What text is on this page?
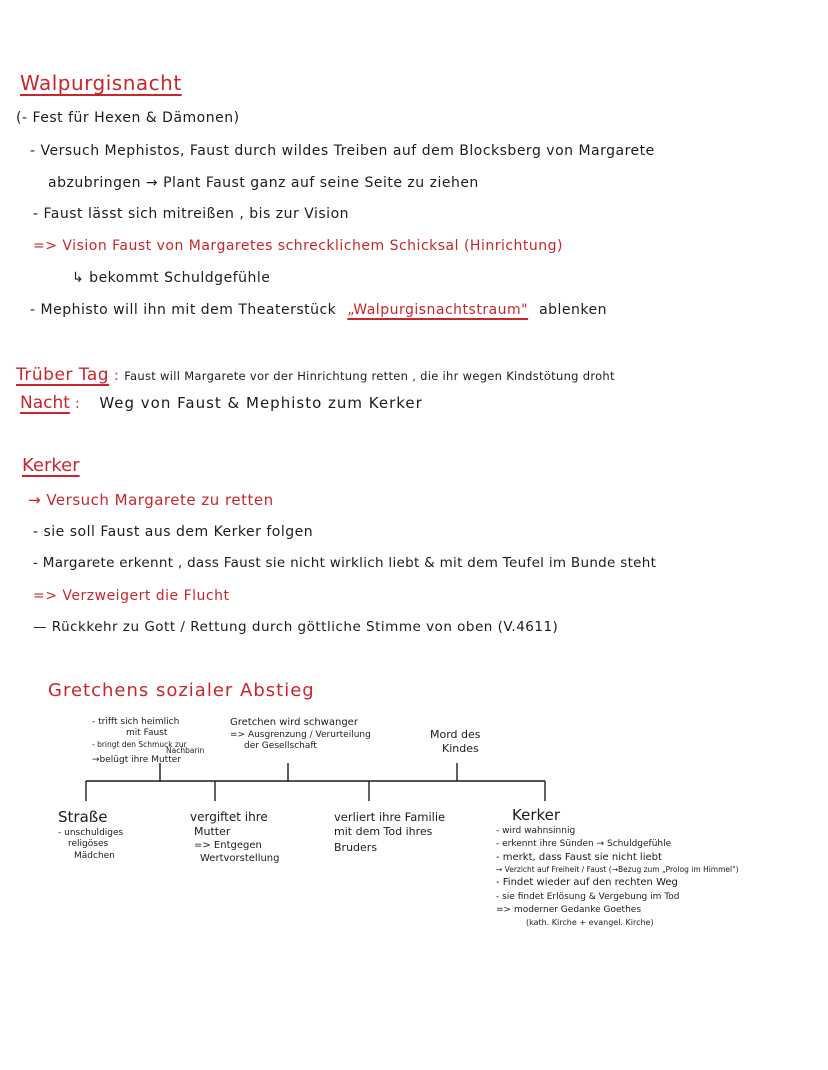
Walpurgisnacht
(- Fest für Hexen & Dämonen)
- Versuch Mephistos, Faust durch wildes Treiben auf dem Blocksberg von Margarete
abzubringen → Plant Faust ganz auf seine Seite zu ziehen
- Faust lässt sich mitreißen , bis zur Vision
=> Vision Faust von Margaretes schrecklichem Schicksal (Hinrichtung)
↳ bekommt Schuldgefühle
- Mephisto will ihn mit dem Theaterstück „Walpurgisnachtstraum" ablenken
Trüber Tag : Faust will Margarete vor der Hinrichtung retten , die ihr wegen Kindstötung droht
Nacht : Weg von Faust & Mephisto zum Kerker
Kerker
→ Versuch Margarete zu retten
- sie soll Faust aus dem Kerker folgen
- Margarete erkennt , dass Faust sie nicht wirklich liebt & mit dem Teufel im Bunde steht
=> Verzweigert die Flucht
— Rückkehr zu Gott / Rettung durch göttliche Stimme von oben (V.4611)
Gretchens sozialer Abstieg
- trifft sich heimlich
mit Faust
- bringt den Schmuck zur
Nachbarin
→belügt ihre Mutter
Gretchen wird schwanger
=> Ausgrenzung / Verurteilung
der Gesellschaft
Mord des
Kindes
Straße
- unschuldiges
religöses
Mädchen
vergiftet ihre
Mutter
=> Entgegen
Wertvorstellung
verliert ihre Familie
mit dem Tod ihres
Bruders
Kerker
- wird wahnsinnig
- erkennt ihre Sünden → Schuldgefühle
- merkt, dass Faust sie nicht liebt
→ Verzicht auf Freiheit / Faust (→Bezug zum „Prolog im Himmel")
- Findet wieder auf den rechten Weg
- sie findet Erlösung & Vergebung im Tod
=> moderner Gedanke Goethes
(kath. Kirche + evangel. Kirche)
